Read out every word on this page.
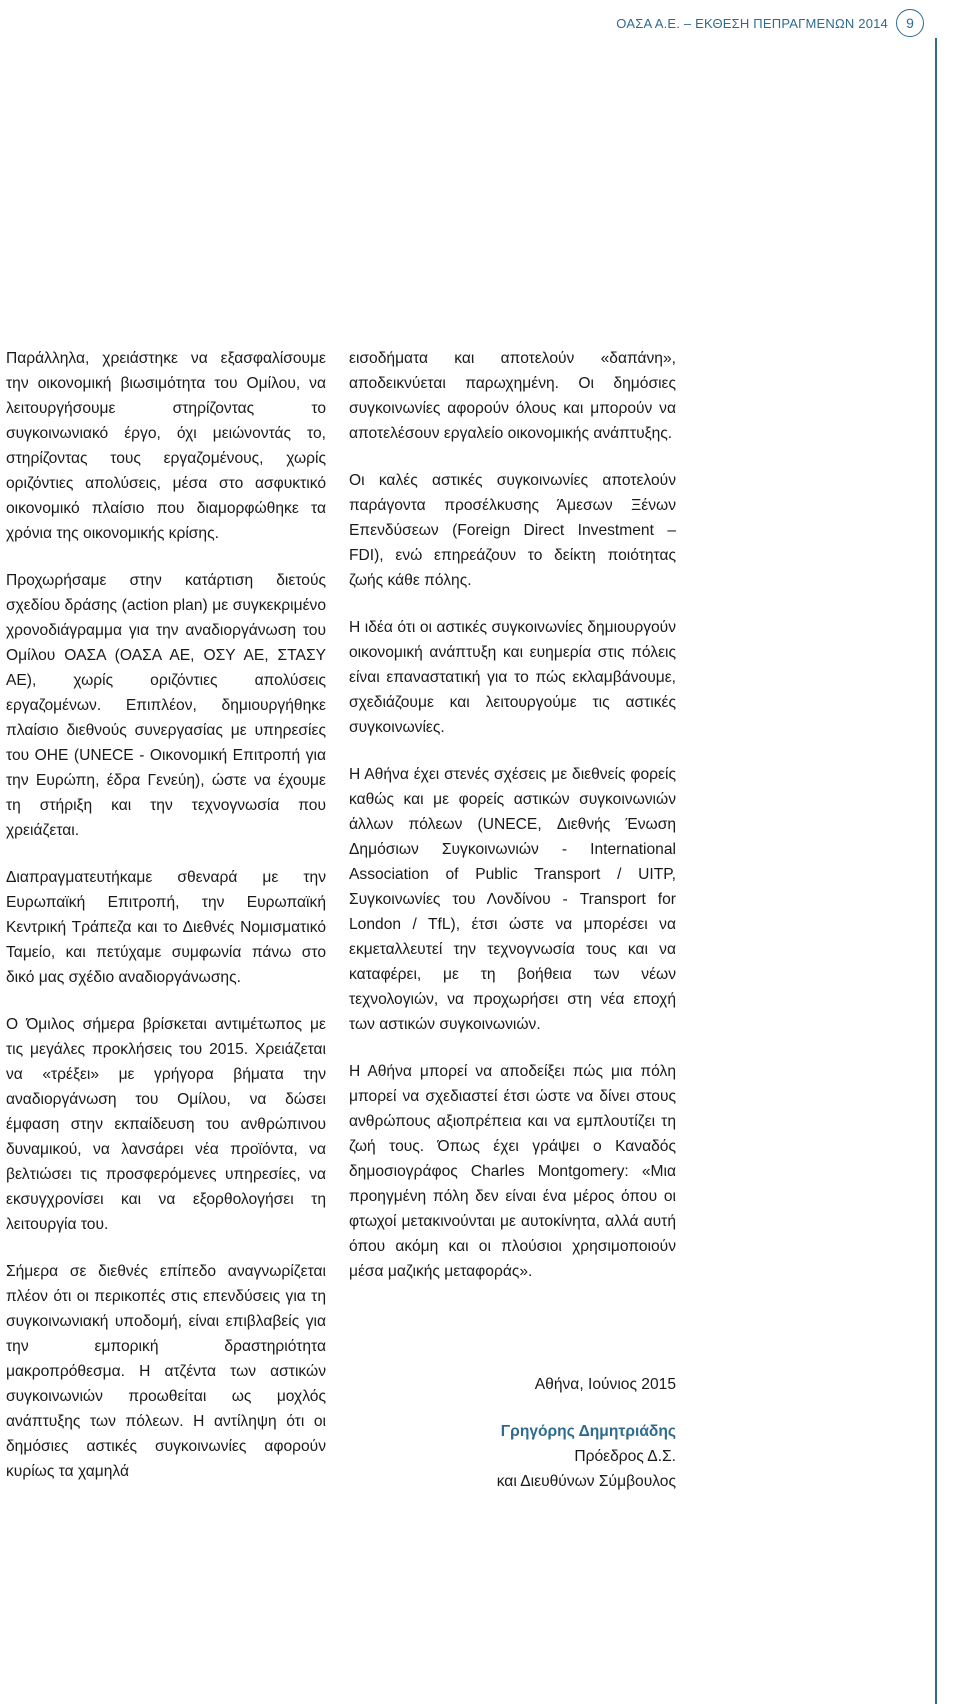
ΟΑΣΑ Α.Ε. – ΕΚΘΕΣΗ ΠΕΠΡΑΓΜΕΝΩΝ 2014	9

Παράλληλα, χρειάστηκε να εξασφαλίσουμε την οικονομική βιωσιμότητα του Ομίλου, να λειτουργήσουμε στηρίζοντας το συγκοινωνιακό έργο, όχι μειώνοντάς το, στηρίζοντας τους εργαζομένους, χωρίς οριζόντιες απολύσεις, μέσα στο ασφυκτικό οικονομικό πλαίσιο που διαμορφώθηκε τα χρόνια της οικονομικής κρίσης.

Προχωρήσαμε στην κατάρτιση διετούς σχεδίου δράσης (action plan) με συγκεκριμένο χρονοδιάγραμμα για την αναδιοργάνωση του Ομίλου ΟΑΣΑ (ΟΑΣΑ ΑΕ, ΟΣΥ ΑΕ, ΣΤΑΣΥ ΑΕ), χωρίς οριζόντιες απολύσεις εργαζομένων. Επιπλέον, δημιουργήθηκε πλαίσιο διεθνούς συνεργασίας με υπηρεσίες του ΟΗΕ (UNECE - Οικονομική Επιτροπή για την Ευρώπη, έδρα Γενεύη), ώστε να έχουμε τη στήριξη και την τεχνογνωσία που χρειάζεται.

Διαπραγματευτήκαμε σθεναρά με την Ευρωπαϊκή Επιτροπή, την Ευρωπαϊκή Κεντρική Τράπεζα και το Διεθνές Νομισματικό Ταμείο, και πετύχαμε συμφωνία πάνω στο δικό μας σχέδιο αναδιοργάνωσης.

Ο Όμιλος σήμερα βρίσκεται αντιμέτωπος με τις μεγάλες προκλήσεις του 2015. Χρειάζεται να «τρέξει» με γρήγορα βήματα την αναδιοργάνωση του Ομίλου, να δώσει έμφαση στην εκπαίδευση του ανθρώπινου δυναμικού, να λανσάρει νέα προϊόντα, να βελτιώσει τις προσφερόμενες υπηρεσίες, να εκσυγχρονίσει και να εξορθολογήσει τη λειτουργία του.

Σήμερα σε διεθνές επίπεδο αναγνωρίζεται πλέον ότι οι περικοπές στις επενδύσεις για τη συγκοινωνιακή υποδομή, είναι επιβλαβείς για την εμπορική δραστηριότητα μακροπρόθεσμα. Η ατζέντα των αστικών συγκοινωνιών προωθείται ως μοχλός ανάπτυξης των πόλεων. Η αντίληψη ότι οι δημόσιες αστικές συγκοινωνίες αφορούν κυρίως τα χαμηλά

εισοδήματα και αποτελούν «δαπάνη», αποδεικνύεται παρωχημένη. Οι δημόσιες συγκοινωνίες αφορούν όλους και μπορούν να αποτελέσουν εργαλείο οικονομικής ανάπτυξης.

Οι καλές αστικές συγκοινωνίες αποτελούν παράγοντα προσέλκυσης Άμεσων Ξένων Επενδύσεων (Foreign Direct Investment – FDI), ενώ επηρεάζουν το δείκτη ποιότητας ζωής κάθε πόλης.

Η ιδέα ότι οι αστικές συγκοινωνίες δημιουργούν οικονομική ανάπτυξη και ευημερία στις πόλεις είναι επαναστατική για το πώς εκλαμβάνουμε, σχεδιάζουμε και λειτουργούμε τις αστικές συγκοινωνίες.

Η Αθήνα έχει στενές σχέσεις με διεθνείς φορείς καθώς και με φορείς αστικών συγκοινωνιών άλλων πόλεων (UNECE, Διεθνής Ένωση Δημόσιων Συγκοινωνιών - International Association of Public Transport / UITP, Συγκοινωνίες του Λονδίνου - Transport for London / TfL), έτσι ώστε να μπορέσει να εκμεταλλευτεί την τεχνογνωσία τους και να καταφέρει, με τη βοήθεια των νέων τεχνολογιών, να προχωρήσει στη νέα εποχή των αστικών συγκοινωνιών.

Η Αθήνα μπορεί να αποδείξει πώς μια πόλη μπορεί να σχεδιαστεί έτσι ώστε να δίνει στους ανθρώπους αξιοπρέπεια και να εμπλουτίζει τη ζωή τους. Όπως έχει γράψει ο Καναδός δημοσιογράφος Charles Montgomery: «Μια προηγμένη πόλη δεν είναι ένα μέρος όπου οι φτωχοί μετακινούνται με αυτοκίνητα, αλλά αυτή όπου ακόμη και οι πλούσιοι χρησιμοποιούν μέσα μαζικής μεταφοράς».

Αθήνα, Ιούνιος 2015
Γρηγόρης Δημητριάδης
Πρόεδρος Δ.Σ.
και Διευθύνων Σύμβουλος
